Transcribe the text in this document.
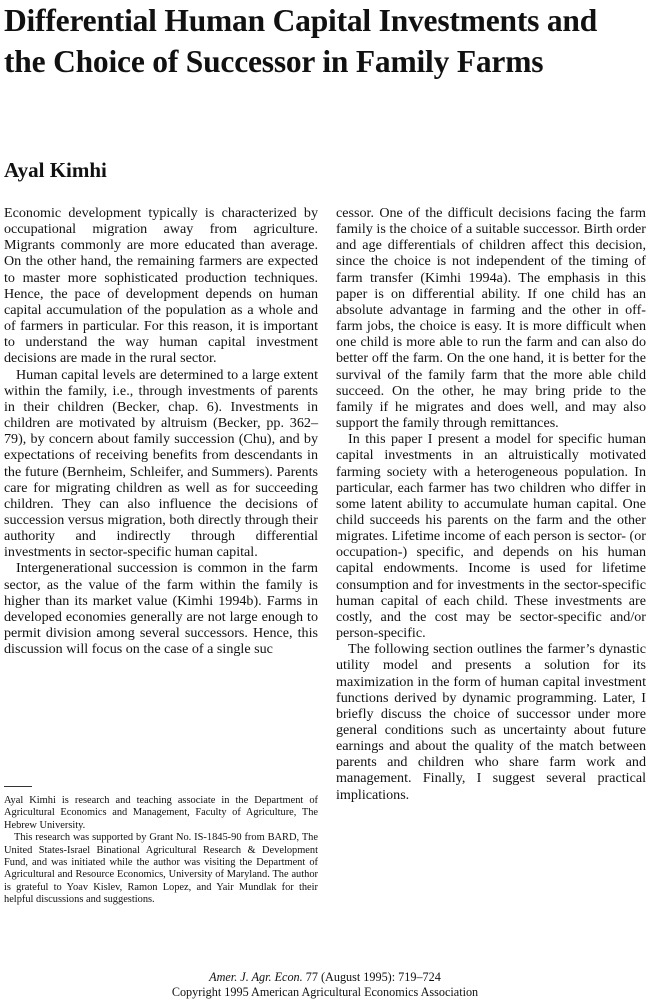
Differential Human Capital Investments and the Choice of Successor in Family Farms
Ayal Kimhi

Economic development typically is characterized by occupational migration away from agriculture. Migrants commonly are more educated than average. On the other hand, the remaining farmers are expected to master more sophisticated production techniques. Hence, the pace of development depends on human capital accumulation of the population as a whole and of farmers in particular. For this reason, it is important to understand the way human capital investment decisions are made in the rural sector.

Human capital levels are determined to a large extent within the family, i.e., through investments of parents in their children (Becker, chap. 6). Investments in children are motivated by altruism (Becker, pp. 362–79), by concern about family succession (Chu), and by expectations of receiving benefits from descendants in the future (Bernheim, Schleifer, and Summers). Parents care for migrating children as well as for succeeding children. They can also influence the decisions of succession versus migration, both directly through their authority and indirectly through differential investments in sector-specific human capital.

Intergenerational succession is common in the farm sector, as the value of the farm within the family is higher than its market value (Kimhi 1994b). Farms in developed economies generally are not large enough to permit division among several successors. Hence, this discussion will focus on the case of a single suc

Ayal Kimhi is research and teaching associate in the Department of Agricultural Economics and Management, Faculty of Agriculture, The Hebrew University.

This research was supported by Grant No. IS-1845-90 from BARD, The United States-Israel Binational Agricultural Research & Development Fund, and was initiated while the author was visiting the Department of Agricultural and Resource Economics, University of Maryland. The author is grateful to Yoav Kislev, Ramon Lopez, and Yair Mundlak for their helpful discussions and suggestions.

cessor. One of the difficult decisions facing the farm family is the choice of a suitable successor. Birth order and age differentials of children affect this decision, since the choice is not independent of the timing of farm transfer (Kimhi 1994a). The emphasis in this paper is on differential ability. If one child has an absolute advantage in farming and the other in off-farm jobs, the choice is easy. It is more difficult when one child is more able to run the farm and can also do better off the farm. On the one hand, it is better for the survival of the family farm that the more able child succeed. On the other, he may bring pride to the family if he migrates and does well, and may also support the family through remittances.

In this paper I present a model for specific human capital investments in an altruistically motivated farming society with a heterogeneous population. In particular, each farmer has two children who differ in some latent ability to accumulate human capital. One child succeeds his parents on the farm and the other migrates. Lifetime income of each person is sector- (or occupation-) specific, and depends on his human capital endowments. Income is used for lifetime consumption and for investments in the sector-specific human capital of each child. These investments are costly, and the cost may be sector-specific and/or person-specific.

The following section outlines the farmer’s dynastic utility model and presents a solution for its maximization in the form of human capital investment functions derived by dynamic programming. Later, I briefly discuss the choice of successor under more general conditions such as uncertainty about future earnings and about the quality of the match between parents and children who share farm work and management. Finally, I suggest several practical implications.

Amer. J. Agr. Econ. 77 (August 1995): 719–724
Copyright 1995 American Agricultural Economics Association
